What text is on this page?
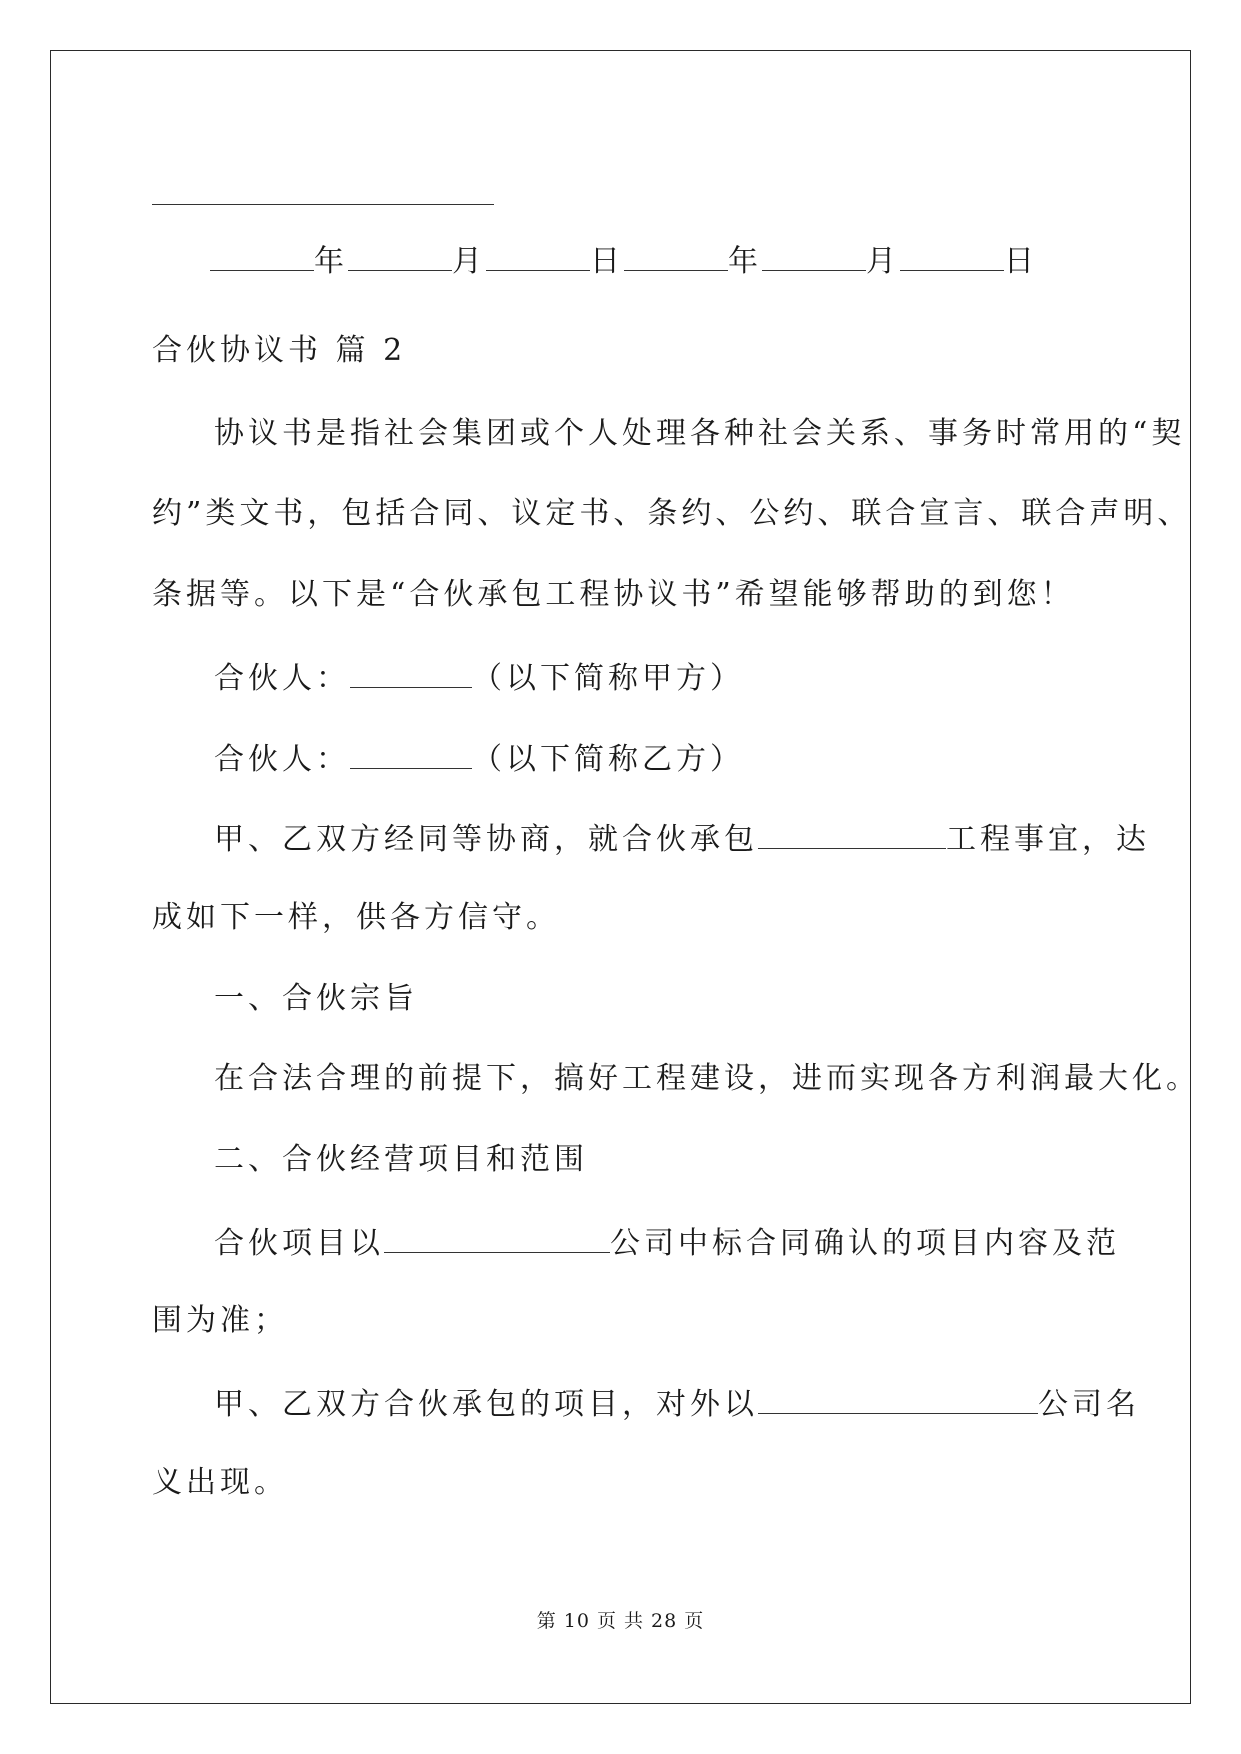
年	月	日	年	月	日
合伙协议书 篇 2
协议书是指社会集团或个人处理各种社会关系、事务时常用的“契
约”类文书，包括合同、议定书、条约、公约、联合宣言、联合声明、
条据等。以下是“合伙承包工程协议书”希望能够帮助的到您！
合伙人：	（以下简称甲方）
合伙人：	（以下简称乙方）
甲、乙双方经同等协商，就合伙承包	工程事宜，达
成如下一样，供各方信守。
一、合伙宗旨
在合法合理的前提下，搞好工程建设，进而实现各方利润最大化。
二、合伙经营项目和范围
合伙项目以	公司中标合同确认的项目内容及范
围为准；
甲、乙双方合伙承包的项目，对外以	公司名
义出现。
第 10 页 共 28 页
